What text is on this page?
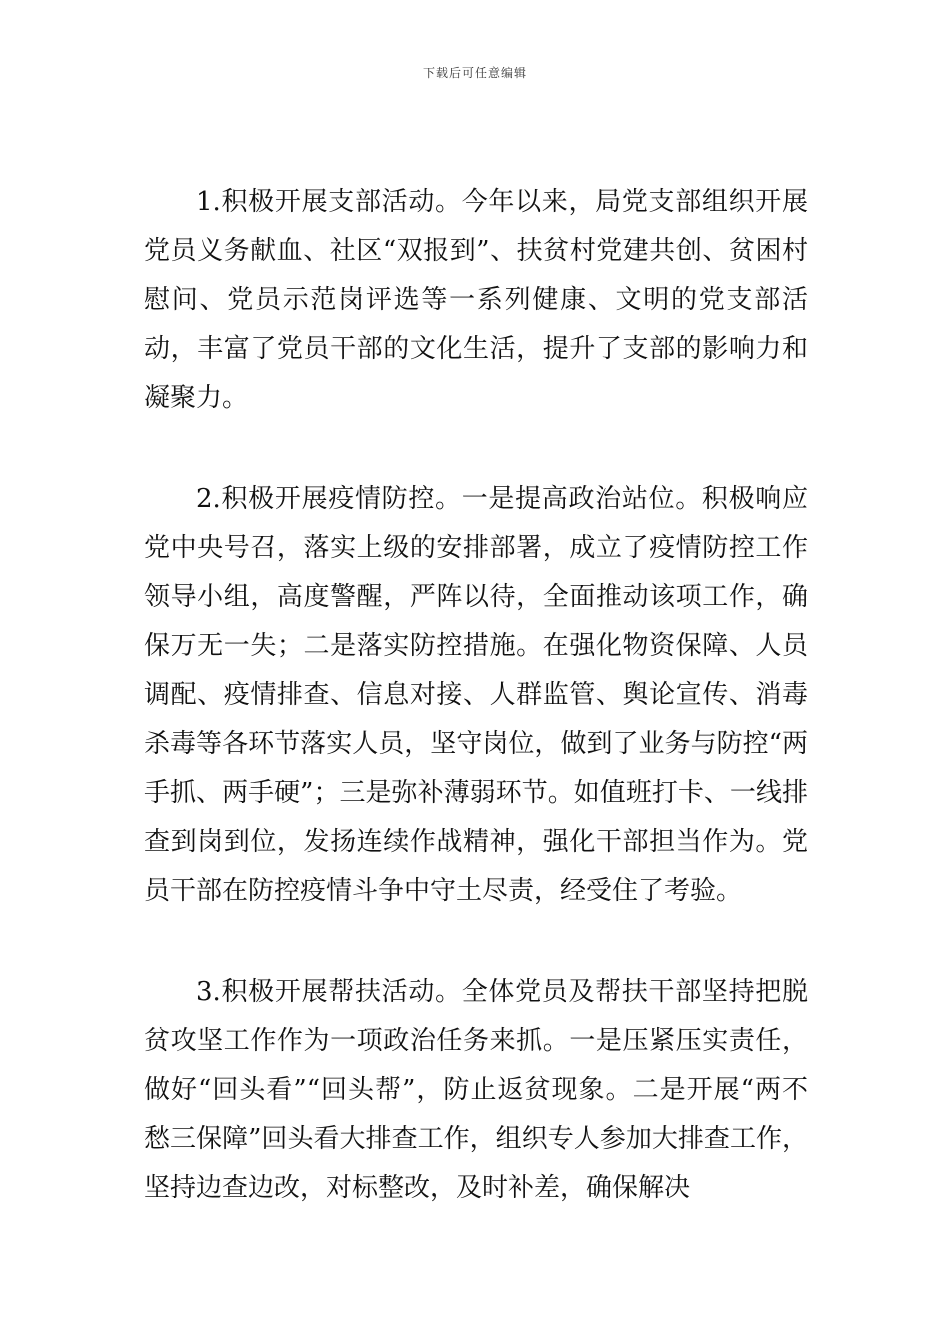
下载后可任意编辑

1.积极开展支部活动。今年以来，局党支部组织开展党员义务献血、社区“双报到”、扶贫村党建共创、贫困村慰问、党员示范岗评选等一系列健康、文明的党支部活动，丰富了党员干部的文化生活，提升了支部的影响力和凝聚力。

2.积极开展疫情防控。一是提高政治站位。积极响应党中央号召，落实上级的安排部署，成立了疫情防控工作领导小组，高度警醒，严阵以待，全面推动该项工作，确保万无一失；二是落实防控措施。在强化物资保障、人员调配、疫情排查、信息对接、人群监管、舆论宣传、消毒杀毒等各环节落实人员，坚守岗位，做到了业务与防控“两手抓、两手硬”；三是弥补薄弱环节。如值班打卡、一线排查到岗到位，发扬连续作战精神，强化干部担当作为。党员干部在防控疫情斗争中守土尽责，经受住了考验。

3.积极开展帮扶活动。全体党员及帮扶干部坚持把脱贫攻坚工作作为一项政治任务来抓。一是压紧压实责任，做好“回头看”“回头帮”，防止返贫现象。二是开展“两不愁三保障”回头看大排查工作，组织专人参加大排查工作，坚持边查边改，对标整改，及时补差，确保解决
